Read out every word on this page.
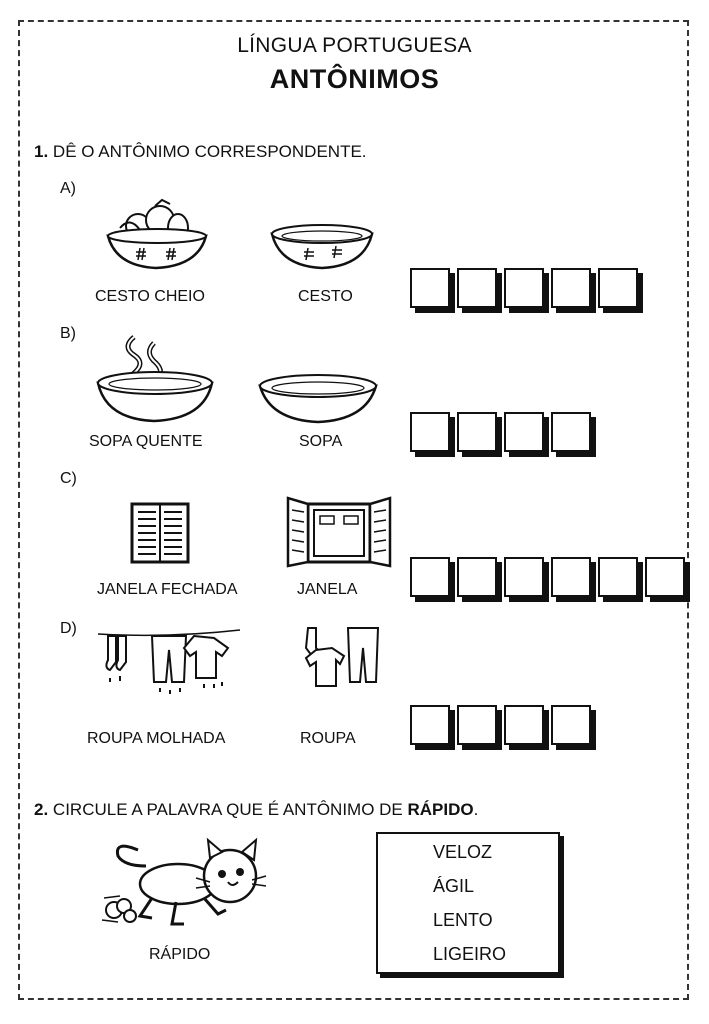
LÍNGUA PORTUGUESA
ANTÔNIMOS
1. DÊ O ANTÔNIMO CORRESPONDENTE.
A)
CESTO CHEIO	CESTO
B)
SOPA QUENTE	SOPA
C)
JANELA FECHADA	JANELA
D)
ROUPA MOLHADA	ROUPA
2. CIRCULE A PALAVRA QUE É ANTÔNIMO DE RÁPIDO.
RÁPIDO
VELOZ
ÁGIL
LENTO
LIGEIRO
